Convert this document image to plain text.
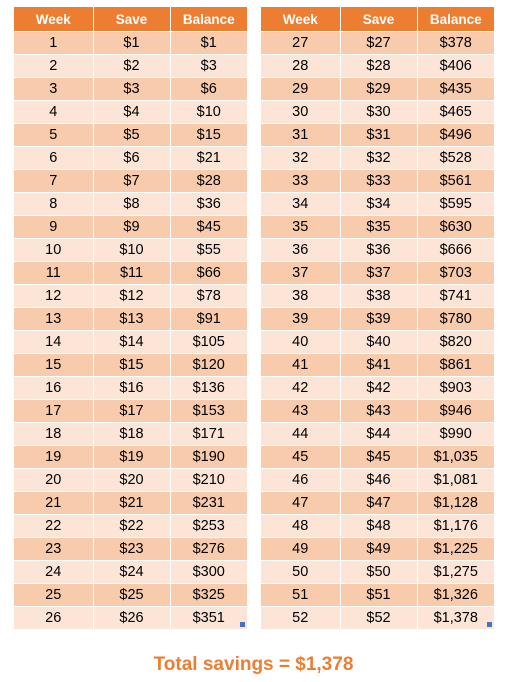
Week	Save	Balance
1	$1	$1
2	$2	$3
3	$3	$6
4	$4	$10
5	$5	$15
6	$6	$21
7	$7	$28
8	$8	$36
9	$9	$45
10	$10	$55
11	$11	$66
12	$12	$78
13	$13	$91
14	$14	$105
15	$15	$120
16	$16	$136
17	$17	$153
18	$18	$171
19	$19	$190
20	$20	$210
21	$21	$231
22	$22	$253
23	$23	$276
24	$24	$300
25	$25	$325
26	$26	$351
Week	Save	Balance
27	$27	$378
28	$28	$406
29	$29	$435
30	$30	$465
31	$31	$496
32	$32	$528
33	$33	$561
34	$34	$595
35	$35	$630
36	$36	$666
37	$37	$703
38	$38	$741
39	$39	$780
40	$40	$820
41	$41	$861
42	$42	$903
43	$43	$946
44	$44	$990
45	$45	$1,035
46	$46	$1,081
47	$47	$1,128
48	$48	$1,176
49	$49	$1,225
50	$50	$1,275
51	$51	$1,326
52	$52	$1,378
Total savings = $1,378
